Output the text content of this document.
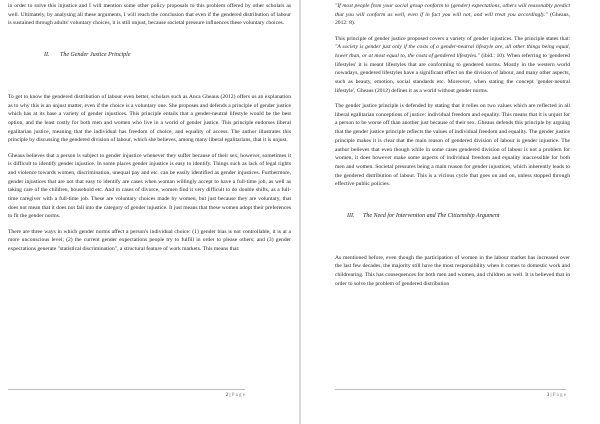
in order to solve this injustice and I will mention some other policy proposals to this problem offered by other scholars as well. Ultimately, by analysing all these arguments, I will reach the conclusion that even if the gendered distribution of labour is sustained through adults' voluntary choices, it is still unjust, because societal pressure influences these voluntary choices.

II. The Gender Justice Principle

To get to know the gendered distribution of labour even better, scholars such as Anca Gheaus (2012) offers us an explanation as to why this is an unjust matter, even if the choice is a voluntary one. She proposes and defends a principle of gender justice which has at its base a variety of gender injustices. This principle entails that a gender-neutral lifestyle would be the best option, and the least costly for both men and women who live in a world of gender justice. This principle endorses liberal egalitarian justice, meaning that the individual has freedom of choice, and equality of access. The author illustrates this principle by discussing the gendered division of labour, which she believes, among many liberal egalitarians, that it is unjust.

Gheaus believes that a person is subject to gender injustice whenever they suffer because of their sex, however, sometimes it is difficult to identify gender injustice. In some places gender injustice is easy to identify. Things such as lack of legal rights and violence towards women, discrimination, unequal pay and etc. can be easily identified as gender injustices. Furthermore, gender injustices that are not that easy to identify are cases when woman willingly accept to have a full-time job, as well as taking care of the children, household etc. And in cases of divorce, women find it very difficult to do double shifts, as a full-time caregiver with a full-time job. These are voluntary choices made by women, but just because they are voluntary, that does not mean that it does not fall into the category of gender injustice. It just means that these women adopt their preferences to fit the gender norms.

There are three ways in which gender norms affect a person's individual choice: (1) gender bias is not controllable, it is at a more unconscious level; (2) the current gender expectations people try to fulfill in order to please others; and (3) gender expectations generate "statistical discrimination", a structural feature of work markets. This means that:

2 | P a g e

"If most people from your social group conform to (gender) expectations, others will reasonably predict that you will conform as well, even if in fact you will not, and will treat you accordingly." (Gheaus, 2012: 8).

This principle of gender justice proposed covers a variety of gender injustices. The principle states that: "A society is gender just only if the costs of a gender-neutral lifestyle are, all other things being equal, lower than, or at most equal to, the costs of gendered lifestyles." (ibid.: 10). When referring to 'gendered lifestyles' it is meant lifestyles that are conforming to gendered norms. Mostly in the western world nowadays, gendered lifestyles have a significant effect on the division of labour, and many other aspects, such as beauty, emotion, social standards etc. Moreover, when stating the concept 'gender-neutral lifestyle', Gheaus (2012) defines it as a world without gender norms.

The gender justice principle is defended by stating that it relies on two values which are reflected in all liberal egalitarian conceptions of justice: individual freedom and equality. This means that it is unjust for a person to be worse off than another just because of their sex. Gheaus defends this principle by arguing that the gender justice principle reflects the values of individual freedom and equality. The gender justice principle makes it is clear that the main reason of gendered division of labour is gender injustice. The author believes that even though while in some cases gendered division of labour is not a problem for women, it does however make some aspects of individual freedom and equality inaccessible for both men and women. Societal pressures being a main reason for gender injustices, which inherently leads to the gendered distribution of labour. This is a vicious cycle that goes on and on, unless stopped through effective public policies.

III. The Need for Intervention and The Citizenship Argument

As mentioned before, even though the participation of women in the labour market has increased over the last few decades, the majority still have the most responsibility when it comes to domestic work and childrearing. This has consequences for both men and women, and children as well. It is believed that in order to solve the problem of gendered distribution

3 | P a g e
